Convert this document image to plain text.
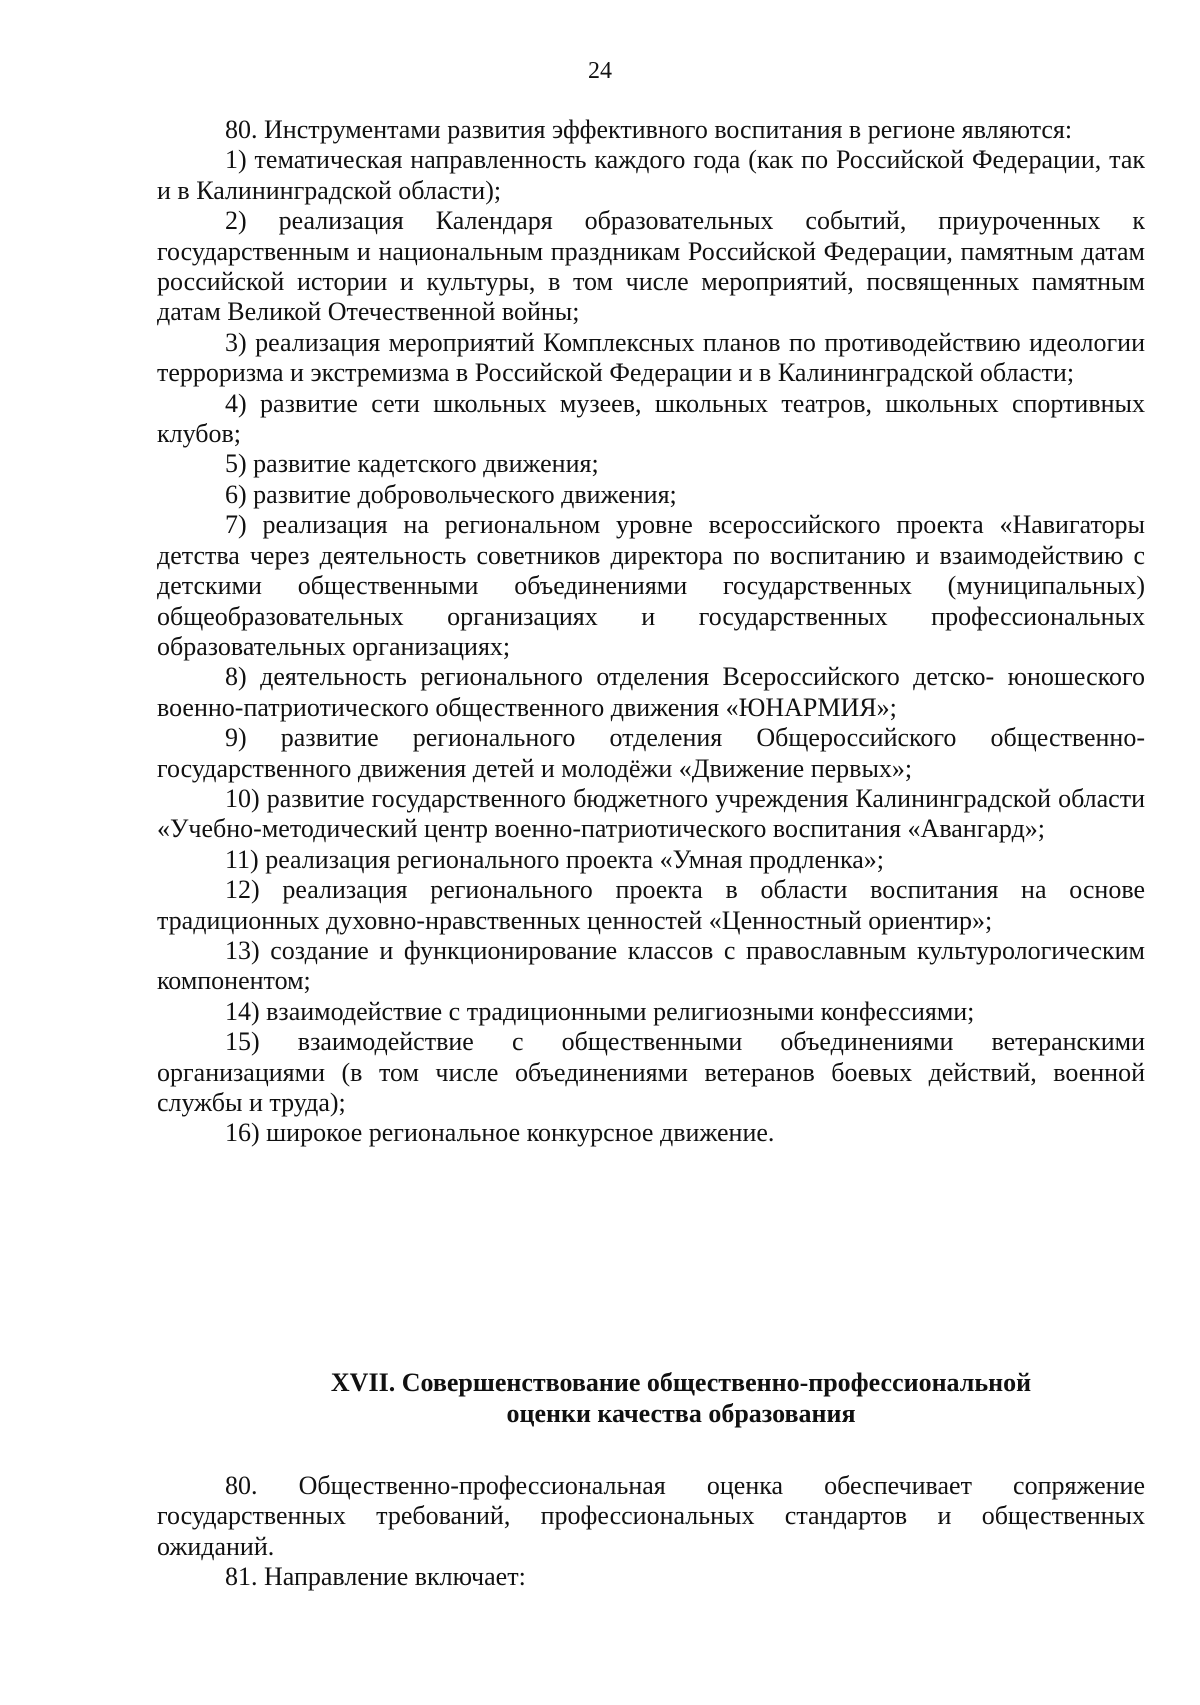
24

80. Инструментами развития эффективного воспитания в регионе являются:

1) тематическая направленность каждого года (как по Российской Федерации, так и в Калининградской области);

2) реализация Календаря образовательных событий, приуроченных к государственным и национальным праздникам Российской Федерации, памятным датам российской истории и культуры, в том числе мероприятий, посвященных памятным датам Великой Отечественной войны;

3) реализация мероприятий Комплексных планов по противодействию идеологии терроризма и экстремизма в Российской Федерации и в Калининградской области;

4) развитие сети школьных музеев, школьных театров, школьных спортивных клубов;

5) развитие кадетского движения;

6) развитие добровольческого движения;

7) реализация на региональном уровне всероссийского проекта «Навигаторы детства через деятельность советников директора по воспитанию и взаимодействию с детскими общественными объединениями государственных (муниципальных) общеобразовательных организациях и государственных профессиональных образовательных организациях;

8) деятельность регионального отделения Всероссийского детско- юношеского военно-патриотического общественного движения «ЮНАРМИЯ»;

9) развитие регионального отделения Общероссийского общественно-государственного движения детей и молодёжи «Движение первых»;

10) развитие государственного бюджетного учреждения Калининградской области «Учебно-методический центр военно-патриотического воспитания «Авангард»;

11) реализация регионального проекта «Умная продленка»;

12) реализация регионального проекта в области воспитания на основе традиционных духовно-нравственных ценностей «Ценностный ориентир»;

13) создание и функционирование классов с православным культурологическим компонентом;

14) взаимодействие с традиционными религиозными конфессиями;

15) взаимодействие с общественными объединениями ветеранскими организациями (в том числе объединениями ветеранов боевых действий, военной службы и труда);

16) широкое региональное конкурсное движение.

XVII. Совершенствование общественно-профессиональной
оценки качества образования

80. Общественно-профессиональная оценка обеспечивает сопряжение государственных требований, профессиональных стандартов и общественных ожиданий.

81. Направление включает:
